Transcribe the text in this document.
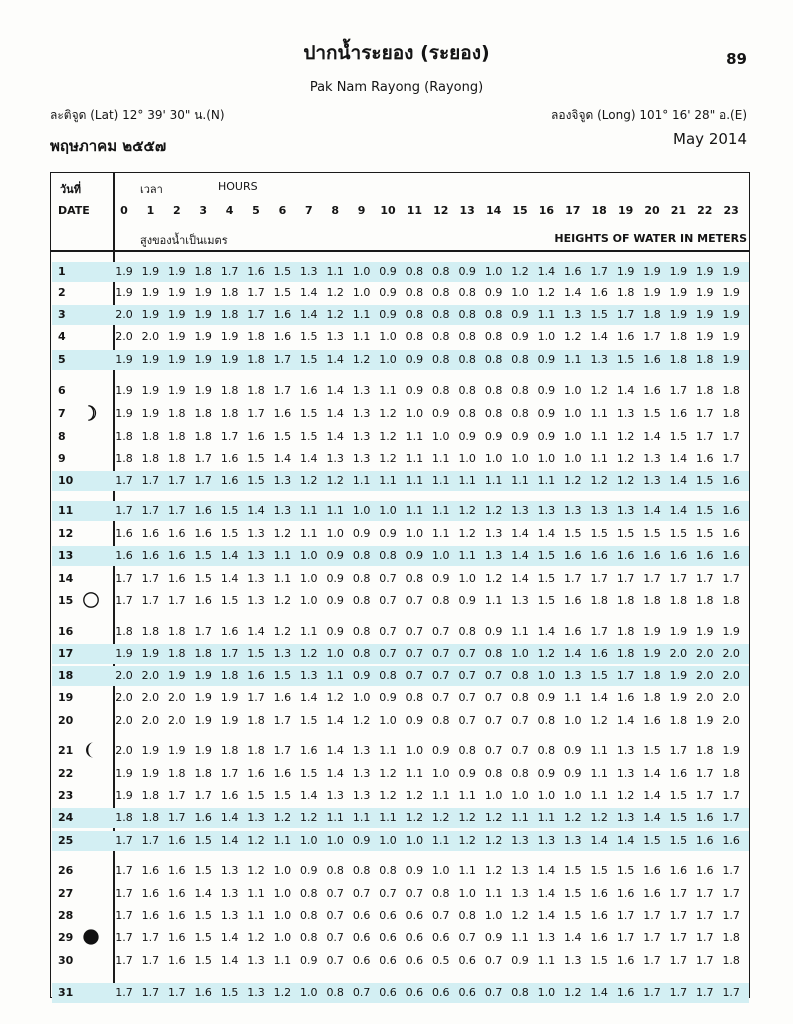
ปากน้ำระยอง (ระยอง)	89
Pak Nam Rayong (Rayong)
ละติจูด (Lat) 12° 39' 30" น.(N)	ลองจิจูด (Long) 101° 16' 28" อ.(E)
พฤษภาคม ๒๕๕๗	May 2014
วันที่
DATE
เวลา	HOURS
สูงของน้ำเป็นเมตร	HEIGHTS OF WATER IN METERS
0	1	2	3	4	5	6	7	8	9	10	11	12	13	14	15	16	17	18	19	20	21	22	23
1	1.9 1.9 1.9 1.8 1.7 1.6 1.5 1.3 1.1 1.0 0.9 0.8 0.8 0.9 1.0 1.2 1.4 1.6 1.7 1.9 1.9 1.9 1.9 1.9
2	1.9 1.9 1.9 1.9 1.8 1.7 1.5 1.4 1.2 1.0 0.9 0.8 0.8 0.8 0.9 1.0 1.2 1.4 1.6 1.8 1.9 1.9 1.9 1.9
3	2.0 1.9 1.9 1.9 1.8 1.7 1.6 1.4 1.2 1.1 0.9 0.8 0.8 0.8 0.8 0.9 1.1 1.3 1.5 1.7 1.8 1.9 1.9 1.9
4	2.0 2.0 1.9 1.9 1.9 1.8 1.6 1.5 1.3 1.1 1.0 0.8 0.8 0.8 0.8 0.9 1.0 1.2 1.4 1.6 1.7 1.8 1.9 1.9
5	1.9 1.9 1.9 1.9 1.9 1.8 1.7 1.5 1.4 1.2 1.0 0.9 0.8 0.8 0.8 0.8 0.9 1.1 1.3 1.5 1.6 1.8 1.8 1.9
6	1.9 1.9 1.9 1.9 1.8 1.8 1.7 1.6 1.4 1.3 1.1 0.9 0.8 0.8 0.8 0.8 0.9 1.0 1.2 1.4 1.6 1.7 1.8 1.8
7	1.9 1.9 1.8 1.8 1.8 1.7 1.6 1.5 1.4 1.3 1.2 1.0 0.9 0.8 0.8 0.8 0.9 1.0 1.1 1.3 1.5 1.6 1.7 1.8
8	1.8 1.8 1.8 1.8 1.7 1.6 1.5 1.5 1.4 1.3 1.2 1.1 1.0 0.9 0.9 0.9 0.9 1.0 1.1 1.2 1.4 1.5 1.7 1.7
9	1.8 1.8 1.8 1.7 1.6 1.5 1.4 1.4 1.3 1.3 1.2 1.1 1.1 1.0 1.0 1.0 1.0 1.0 1.1 1.2 1.3 1.4 1.6 1.7
10	1.7 1.7 1.7 1.7 1.6 1.5 1.3 1.2 1.2 1.1 1.1 1.1 1.1 1.1 1.1 1.1 1.1 1.2 1.2 1.2 1.3 1.4 1.5 1.6
11	1.7 1.7 1.7 1.6 1.5 1.4 1.3 1.1 1.1 1.0 1.0 1.1 1.1 1.2 1.2 1.3 1.3 1.3 1.3 1.3 1.4 1.4 1.5 1.6
12	1.6 1.6 1.6 1.6 1.5 1.3 1.2 1.1 1.0 0.9 0.9 1.0 1.1 1.2 1.3 1.4 1.4 1.5 1.5 1.5 1.5 1.5 1.5 1.6
13	1.6 1.6 1.6 1.5 1.4 1.3 1.1 1.0 0.9 0.8 0.8 0.9 1.0 1.1 1.3 1.4 1.5 1.6 1.6 1.6 1.6 1.6 1.6 1.6
14	1.7 1.7 1.6 1.5 1.4 1.3 1.1 1.0 0.9 0.8 0.7 0.8 0.9 1.0 1.2 1.4 1.5 1.7 1.7 1.7 1.7 1.7 1.7 1.7
15	1.7 1.7 1.7 1.6 1.5 1.3 1.2 1.0 0.9 0.8 0.7 0.7 0.8 0.9 1.1 1.3 1.5 1.6 1.8 1.8 1.8 1.8 1.8 1.8
16	1.8 1.8 1.8 1.7 1.6 1.4 1.2 1.1 0.9 0.8 0.7 0.7 0.7 0.8 0.9 1.1 1.4 1.6 1.7 1.8 1.9 1.9 1.9 1.9
17	1.9 1.9 1.8 1.8 1.7 1.5 1.3 1.2 1.0 0.8 0.7 0.7 0.7 0.7 0.8 1.0 1.2 1.4 1.6 1.8 1.9 2.0 2.0 2.0
18	2.0 2.0 1.9 1.9 1.8 1.6 1.5 1.3 1.1 0.9 0.8 0.7 0.7 0.7 0.7 0.8 1.0 1.3 1.5 1.7 1.8 1.9 2.0 2.0
19	2.0 2.0 2.0 1.9 1.9 1.7 1.6 1.4 1.2 1.0 0.9 0.8 0.7 0.7 0.7 0.8 0.9 1.1 1.4 1.6 1.8 1.9 2.0 2.0
20	2.0 2.0 2.0 1.9 1.9 1.8 1.7 1.5 1.4 1.2 1.0 0.9 0.8 0.7 0.7 0.7 0.8 1.0 1.2 1.4 1.6 1.8 1.9 2.0
21	2.0 1.9 1.9 1.9 1.8 1.8 1.7 1.6 1.4 1.3 1.1 1.0 0.9 0.8 0.7 0.7 0.8 0.9 1.1 1.3 1.5 1.7 1.8 1.9
22	1.9 1.9 1.8 1.8 1.7 1.6 1.6 1.5 1.4 1.3 1.2 1.1 1.0 0.9 0.8 0.8 0.9 0.9 1.1 1.3 1.4 1.6 1.7 1.8
23	1.9 1.8 1.7 1.7 1.6 1.5 1.5 1.4 1.3 1.3 1.2 1.2 1.1 1.1 1.0 1.0 1.0 1.0 1.1 1.2 1.4 1.5 1.7 1.7
24	1.8 1.8 1.7 1.6 1.4 1.3 1.2 1.2 1.1 1.1 1.1 1.2 1.2 1.2 1.2 1.1 1.1 1.2 1.2 1.3 1.4 1.5 1.6 1.7
25	1.7 1.7 1.6 1.5 1.4 1.2 1.1 1.0 1.0 0.9 1.0 1.0 1.1 1.2 1.2 1.3 1.3 1.3 1.4 1.4 1.5 1.5 1.6 1.6
26	1.7 1.6 1.6 1.5 1.3 1.2 1.0 0.9 0.8 0.8 0.8 0.9 1.0 1.1 1.2 1.3 1.4 1.5 1.5 1.5 1.6 1.6 1.6 1.7
27	1.7 1.6 1.6 1.4 1.3 1.1 1.0 0.8 0.7 0.7 0.7 0.7 0.8 1.0 1.1 1.3 1.4 1.5 1.6 1.6 1.6 1.7 1.7 1.7
28	1.7 1.6 1.6 1.5 1.3 1.1 1.0 0.8 0.7 0.6 0.6 0.6 0.7 0.8 1.0 1.2 1.4 1.5 1.6 1.7 1.7 1.7 1.7 1.7
29	1.7 1.7 1.6 1.5 1.4 1.2 1.0 0.8 0.7 0.6 0.6 0.6 0.6 0.7 0.9 1.1 1.3 1.4 1.6 1.7 1.7 1.7 1.7 1.8
30	1.7 1.7 1.6 1.5 1.4 1.3 1.1 0.9 0.7 0.6 0.6 0.6 0.5 0.6 0.7 0.9 1.1 1.3 1.5 1.6 1.7 1.7 1.7 1.8
31	1.7 1.7 1.7 1.6 1.5 1.3 1.2 1.0 0.8 0.7 0.6 0.6 0.6 0.6 0.7 0.8 1.0 1.2 1.4 1.6 1.7 1.7 1.7 1.7
